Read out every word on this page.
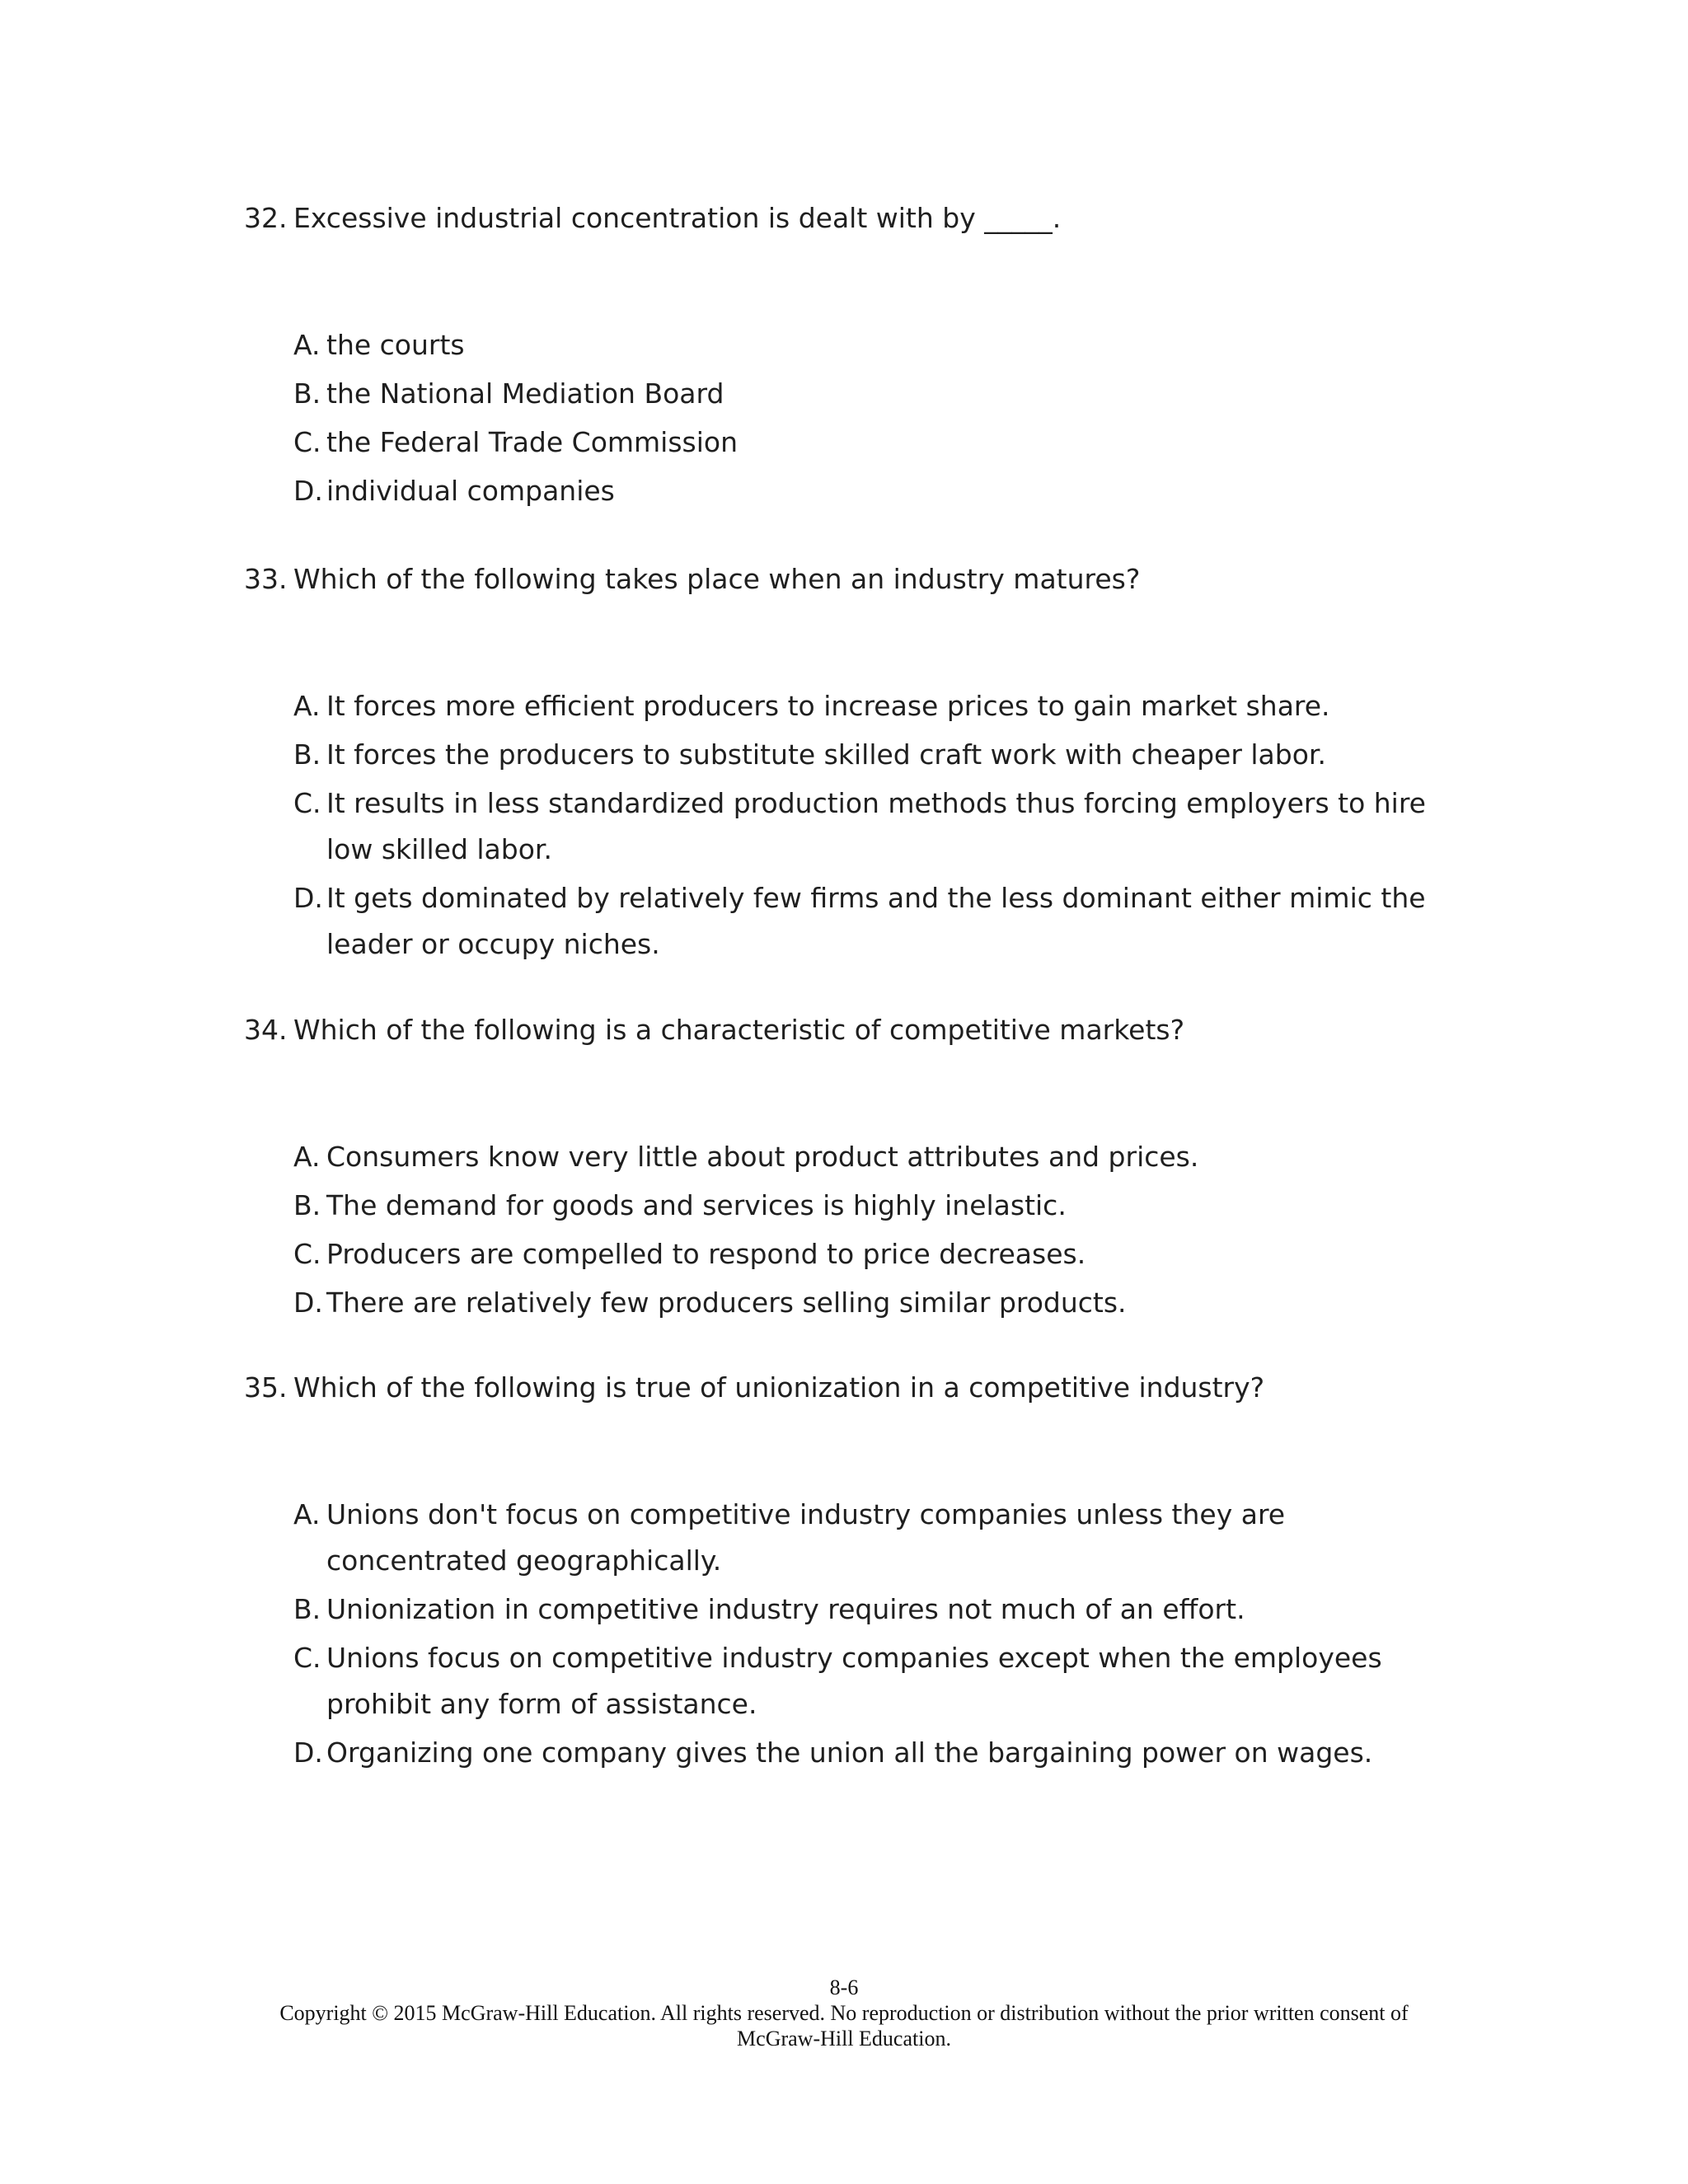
32. Excessive industrial concentration is dealt with by _____.
A. the courts
B. the National Mediation Board
C. the Federal Trade Commission
D. individual companies
33. Which of the following takes place when an industry matures?
A. It forces more efficient producers to increase prices to gain market share.
B. It forces the producers to substitute skilled craft work with cheaper labor.
C. It results in less standardized production methods thus forcing employers to hire low skilled labor.
D. It gets dominated by relatively few firms and the less dominant either mimic the leader or occupy niches.
34. Which of the following is a characteristic of competitive markets?
A. Consumers know very little about product attributes and prices.
B. The demand for goods and services is highly inelastic.
C. Producers are compelled to respond to price decreases.
D. There are relatively few producers selling similar products.
35. Which of the following is true of unionization in a competitive industry?
A. Unions don't focus on competitive industry companies unless they are concentrated geographically.
B. Unionization in competitive industry requires not much of an effort.
C. Unions focus on competitive industry companies except when the employees prohibit any form of assistance.
D. Organizing one company gives the union all the bargaining power on wages.
8-6
Copyright © 2015 McGraw-Hill Education. All rights reserved. No reproduction or distribution without the prior written consent of McGraw-Hill Education.
